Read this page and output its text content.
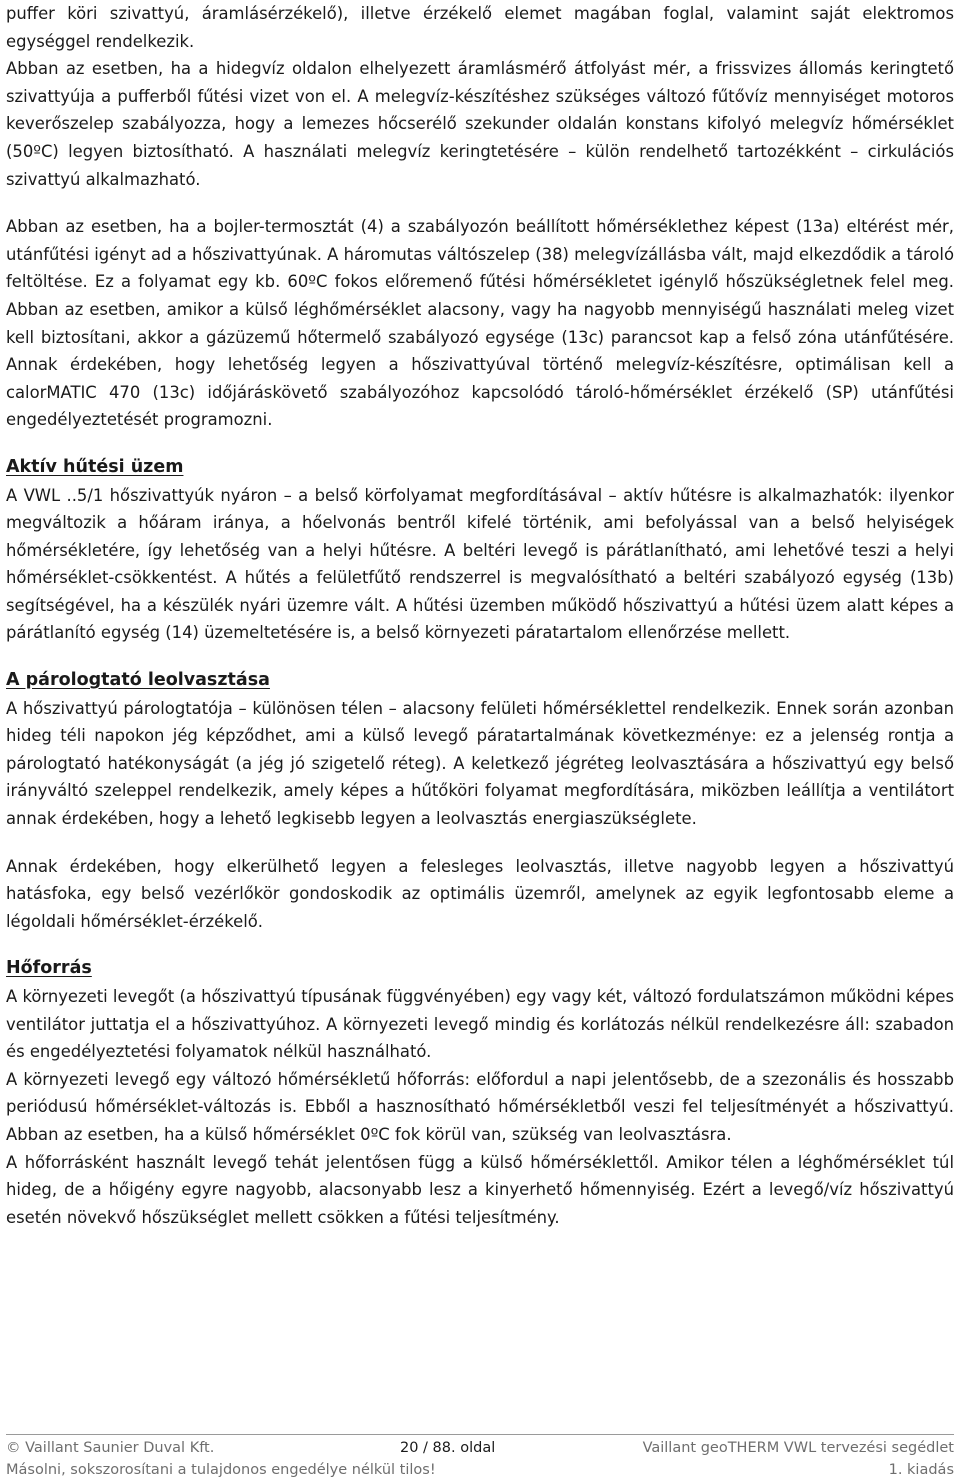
puffer köri szivattyú, áramlásérzékelő), illetve érzékelő elemet magában foglal, valamint saját elektromos egységgel rendelkezik.

Abban az esetben, ha a hidegvíz oldalon elhelyezett áramlásmérő átfolyást mér, a frissvizes állomás keringtető szivattyúja a pufferből fűtési vizet von el. A melegvíz-készítéshez szükséges változó fűtővíz mennyiséget motoros keverőszelep szabályozza, hogy a lemezes hőcserélő szekunder oldalán konstans kifolyó melegvíz hőmérséklet (50ºC) legyen biztosítható. A használati melegvíz keringtetésére – külön rendelhető tartozékként – cirkulációs szivattyú alkalmazható.

Abban az esetben, ha a bojler-termosztát (4) a szabályozón beállított hőmérséklethez képest (13a) eltérést mér, utánfűtési igényt ad a hőszivattyúnak. A háromutas váltószelep (38) melegvízállásba vált, majd elkezdődik a tároló feltöltése. Ez a folyamat egy kb. 60ºC fokos előremenő fűtési hőmérsékletet igénylő hőszükségletnek felel meg. Abban az esetben, amikor a külső léghőmérséklet alacsony, vagy ha nagyobb mennyiségű használati meleg vizet kell biztosítani, akkor a gázüzemű hőtermelő szabályozó egysége (13c) parancsot kap a felső zóna utánfűtésére. Annak érdekében, hogy lehetőség legyen a hőszivattyúval történő melegvíz-készítésre, optimálisan kell a calorMATIC 470 (13c) időjáráskövető szabályozóhoz kapcsolódó tároló-hőmérséklet érzékelő (SP) utánfűtési engedélyeztetését programozni.

Aktív hűtési üzem

A VWL ..5/1 hőszivattyúk nyáron – a belső körfolyamat megfordításával – aktív hűtésre is alkalmazhatók: ilyenkor megváltozik a hőáram iránya, a hőelvonás bentről kifelé történik, ami befolyással van a belső helyiségek hőmérsékletére, így lehetőség van a helyi hűtésre. A beltéri levegő is párátlanítható, ami lehetővé teszi a helyi hőmérséklet-csökkentést. A hűtés a felületfűtő rendszerrel is megvalósítható a beltéri szabályozó egység (13b) segítségével, ha a készülék nyári üzemre vált. A hűtési üzemben működő hőszivattyú a hűtési üzem alatt képes a párátlanító egység (14) üzemeltetésére is, a belső környezeti páratartalom ellenőrzése mellett.

A párologtató leolvasztása

A hőszivattyú párologtatója – különösen télen – alacsony felületi hőmérséklettel rendelkezik. Ennek során azonban hideg téli napokon jég képződhet, ami a külső levegő páratartalmának következménye: ez a jelenség rontja a párologtató hatékonyságát (a jég jó szigetelő réteg). A keletkező jégréteg leolvasztására a hőszivattyú egy belső irányváltó szeleppel rendelkezik, amely képes a hűtőköri folyamat megfordítására, miközben leállítja a ventilátort annak érdekében, hogy a lehető legkisebb legyen a leolvasztás energiaszükséglete.

Annak érdekében, hogy elkerülhető legyen a felesleges leolvasztás, illetve nagyobb legyen a hőszivattyú hatásfoka, egy belső vezérlőkör gondoskodik az optimális üzemről, amelynek az egyik legfontosabb eleme a légoldali hőmérséklet-érzékelő.

Hőforrás

A környezeti levegőt (a hőszivattyú típusának függvényében) egy vagy két, változó fordulatszámon működni képes ventilátor juttatja el a hőszivattyúhoz. A környezeti levegő mindig és korlátozás nélkül rendelkezésre áll: szabadon és engedélyeztetési folyamatok nélkül használható.

A környezeti levegő egy változó hőmérsékletű hőforrás: előfordul a napi jelentősebb, de a szezonális és hosszabb periódusú hőmérséklet-változás is. Ebből a hasznosítható hőmérsékletből veszi fel teljesítményét a hőszivattyú. Abban az esetben, ha a külső hőmérséklet 0ºC fok körül van, szükség van leolvasztásra.

A hőforrásként használt levegő tehát jelentősen függ a külső hőmérséklettől. Amikor télen a léghőmérséklet túl hideg, de a hőigény egyre nagyobb, alacsonyabb lesz a kinyerhető hőmennyiség. Ezért a levegő/víz hőszivattyú esetén növekvő hőszükséglet mellett csökken a fűtési teljesítmény.

© Vaillant Saunier Duval Kft.	20 / 88. oldal	Vaillant geoTHERM VWL tervezési segédlet
Másolni, sokszorosítani a tulajdonos engedélye nélkül tilos!	1. kiadás
